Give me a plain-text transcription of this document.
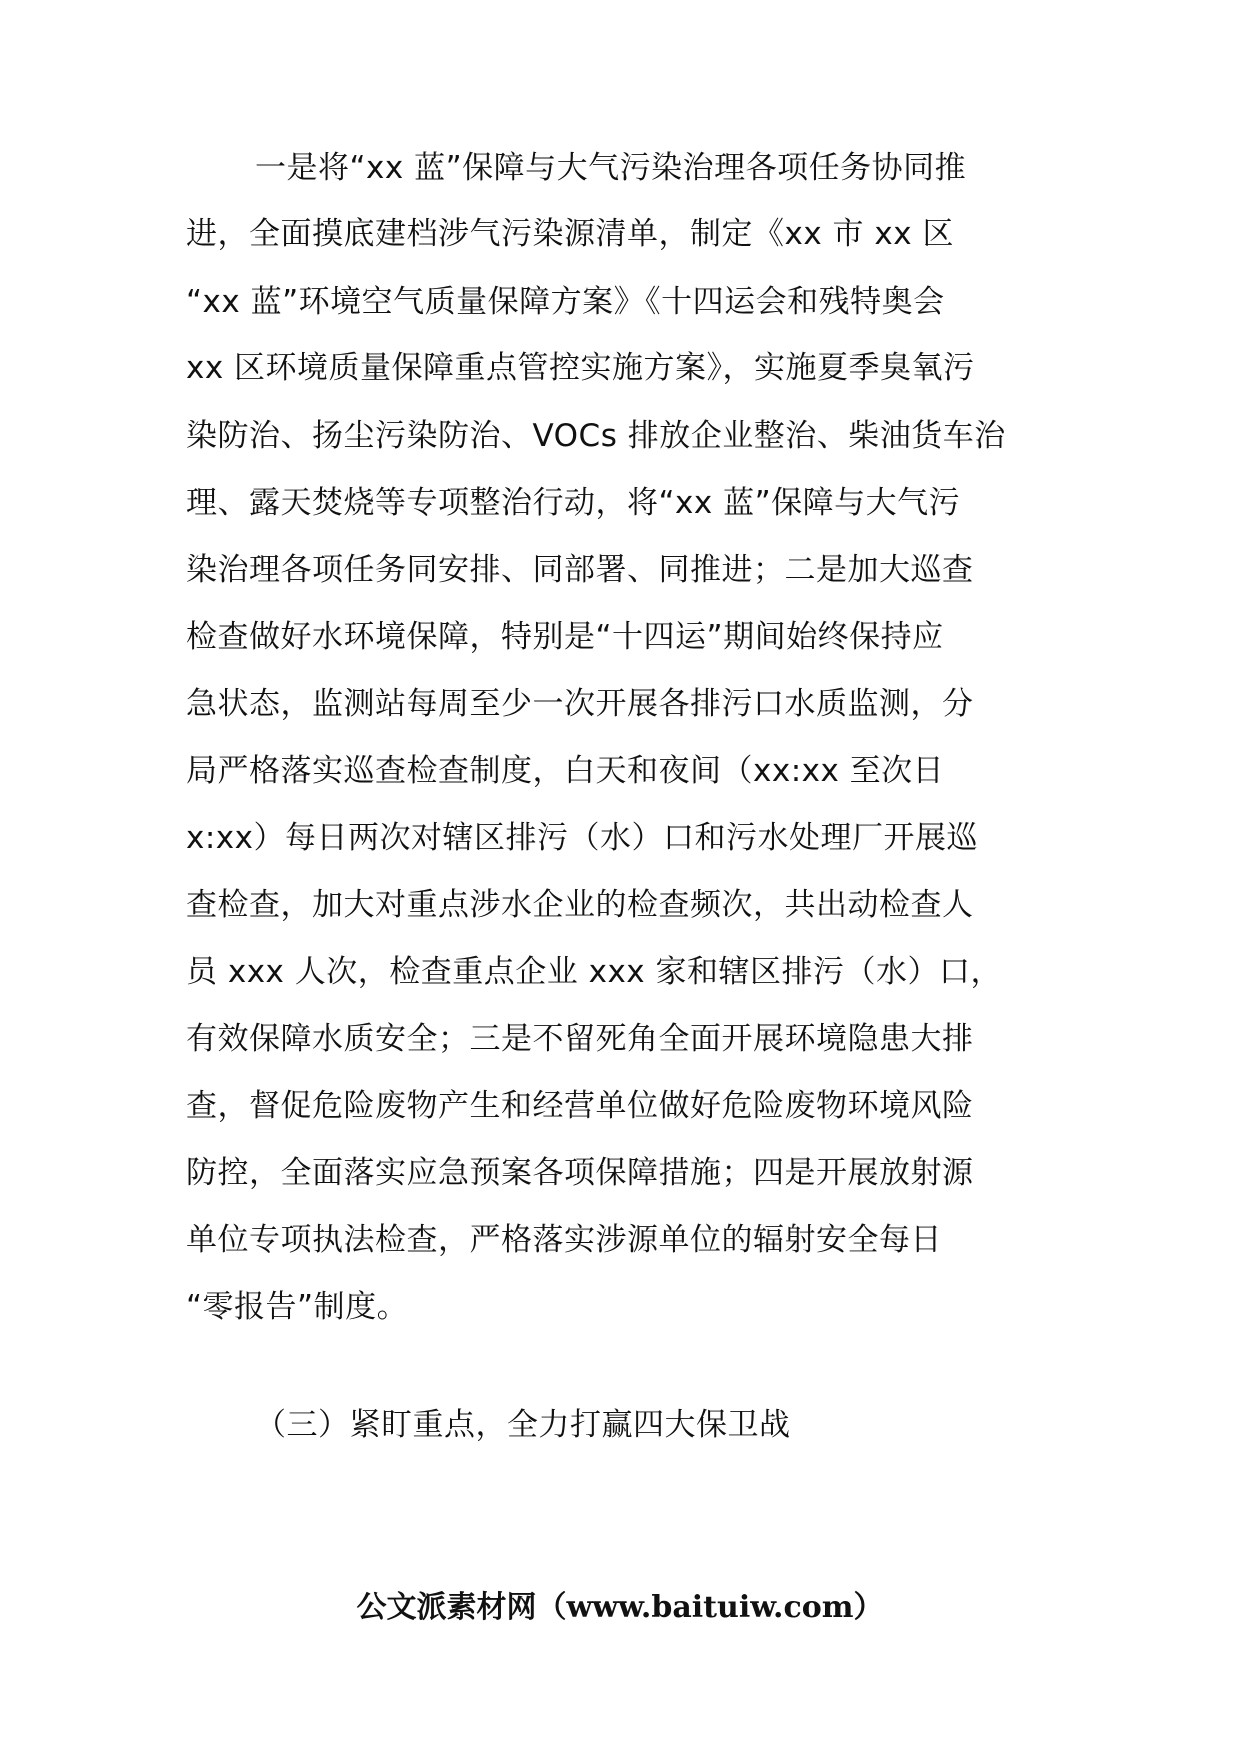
一是将“xx 蓝”保障与大气污染治理各项任务协同推
进，全面摸底建档涉气污染源清单，制定《xx 市 xx 区
“xx 蓝”环境空气质量保障方案》《十四运会和残特奥会
xx 区环境质量保障重点管控实施方案》，实施夏季臭氧污
染防治、扬尘污染防治、VOCs 排放企业整治、柴油货车治
理、露天焚烧等专项整治行动，将“xx 蓝”保障与大气污
染治理各项任务同安排、同部署、同推进；二是加大巡查
检查做好水环境保障，特别是“十四运”期间始终保持应
急状态，监测站每周至少一次开展各排污口水质监测，分
局严格落实巡查检查制度，白天和夜间（xx:xx 至次日
x:xx）每日两次对辖区排污（水）口和污水处理厂开展巡
查检查，加大对重点涉水企业的检查频次，共出动检查人
员 xxx 人次，检查重点企业 xxx 家和辖区排污（水）口，
有效保障水质安全；三是不留死角全面开展环境隐患大排
查，督促危险废物产生和经营单位做好危险废物环境风险
防控，全面落实应急预案各项保障措施；四是开展放射源
单位专项执法检查，严格落实涉源单位的辐射安全每日
“零报告”制度。
（三）紧盯重点，全力打赢四大保卫战
公文派素材网（www.baituiw.com）
